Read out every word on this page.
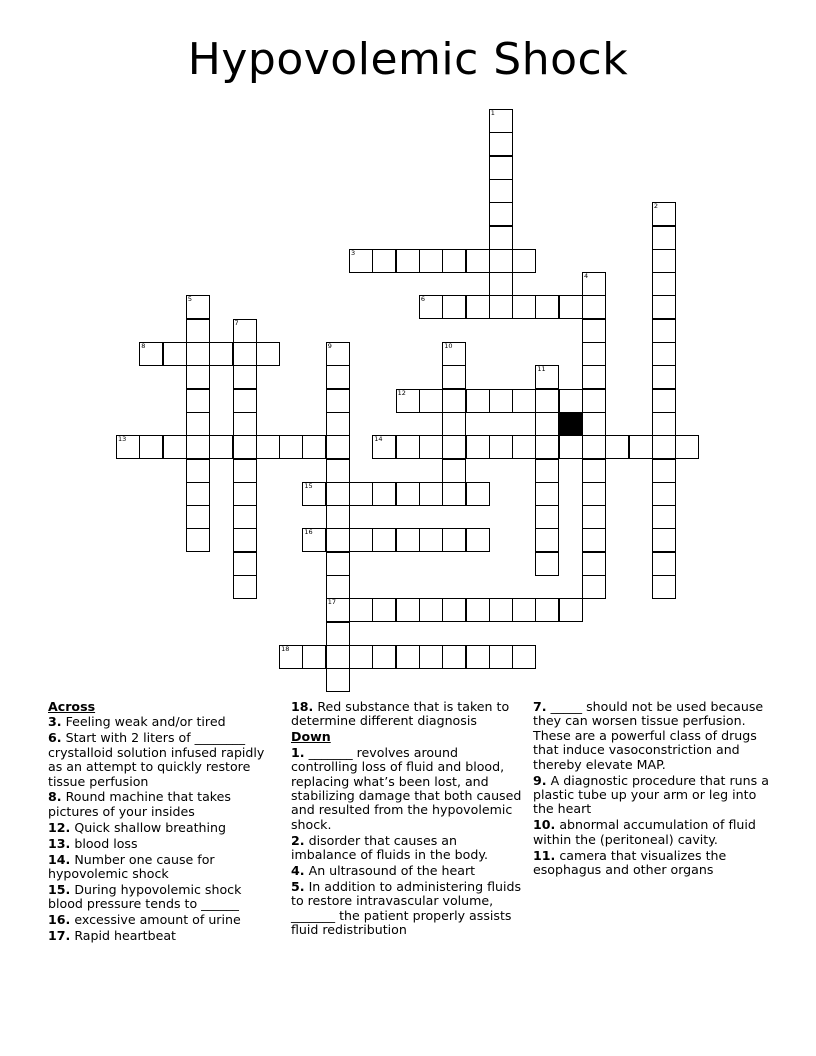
Hypovolemic Shock
1
2
3
4
5	6
7
8	9
17
10
11
12
13	14
15
16
18
Across
3. Feeling weak and/or tired
6. Start with 2 liters of ________ crystalloid solution infused rapidly as an attempt to quickly restore tissue perfusion
8. Round machine that takes pictures of your insides
12. Quick shallow breathing
13. blood loss
14. Number one cause for hypovolemic shock
15. During hypovolemic shock blood pressure tends to ______
16. excessive amount of urine
17. Rapid heartbeat
18. Red substance that is taken to determine different diagnosis
Down
1. _______ revolves around controlling loss of fluid and blood, replacing what’s been lost, and stabilizing damage that both caused and resulted from the hypovolemic shock.
2. disorder that causes an imbalance of fluids in the body.
4. An ultrasound of the heart
5. In addition to administering fluids to restore intravascular volume, _______ the patient properly assists fluid redistribution
7. _____ should not be used because they can worsen tissue perfusion. These are a powerful class of drugs that induce vasoconstriction and thereby elevate MAP.
9. A diagnostic procedure that runs a plastic tube up your arm or leg into the heart
10. abnormal accumulation of fluid within the (peritoneal) cavity.
11. camera that visualizes the esophagus and other organs
